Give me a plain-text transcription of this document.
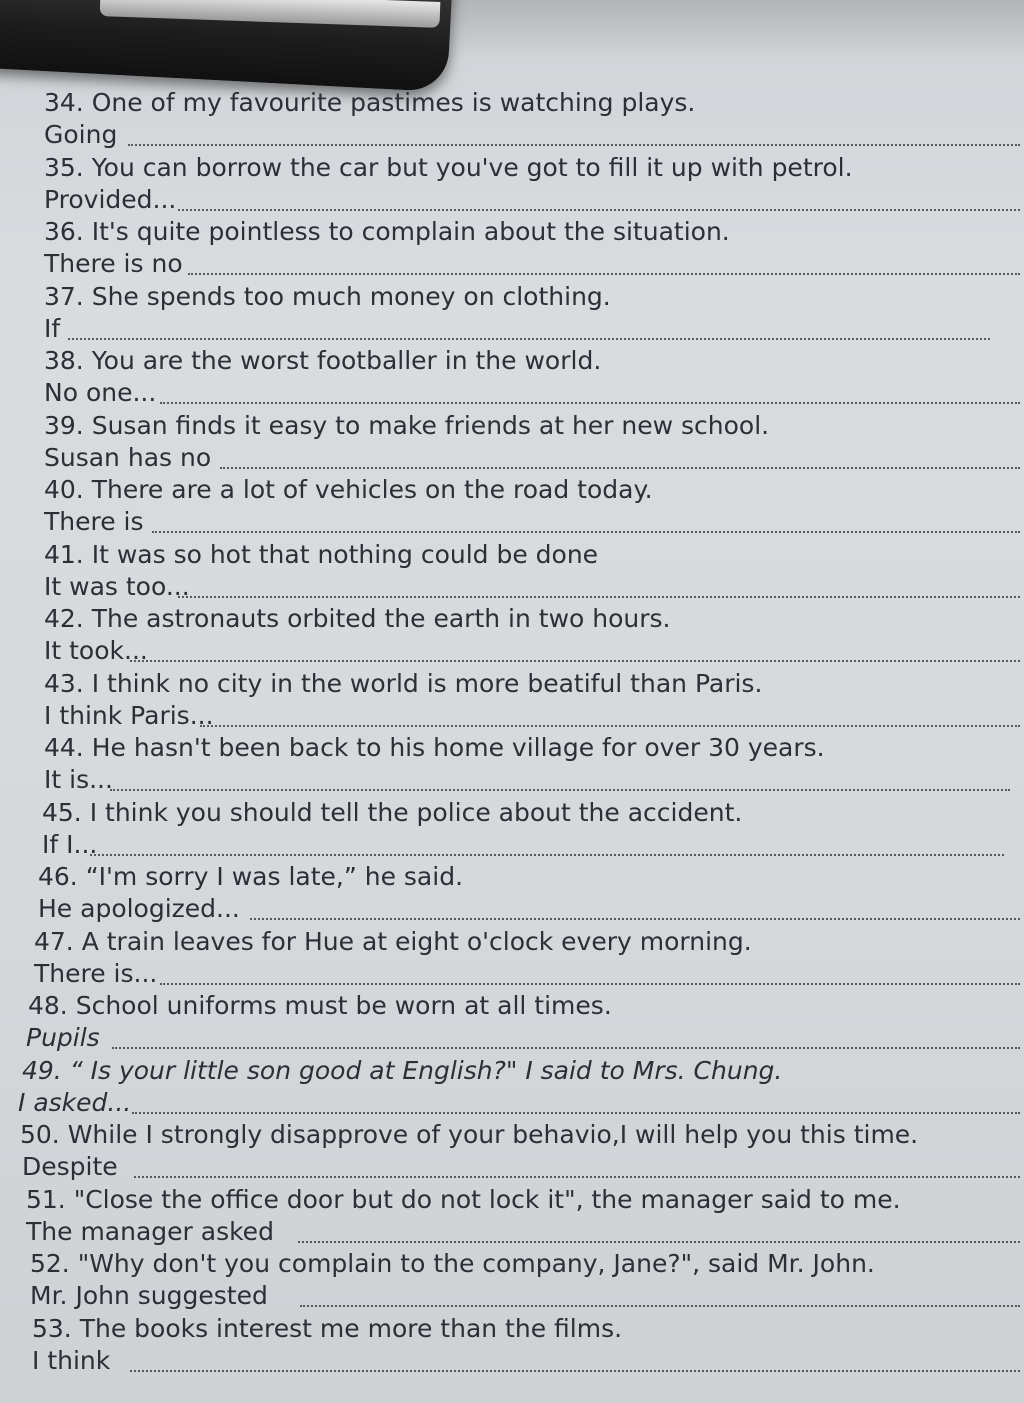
34. One of my favourite pastimes is watching plays.
Going
35. You can borrow the car but you've got to fill it up with petrol.
Provided...
36. It's quite pointless to complain about the situation.
There is no
37. She spends too much money on clothing.
If
38. You are the worst footballer in the world.
No one...
39. Susan finds it easy to make friends at her new school.
Susan has no
40. There are a lot of vehicles on the road today.
There is
41. It was so hot that nothing could be done
It was too...
42. The astronauts orbited the earth in two hours.
It took...
43. I think no city in the world is more beatiful than Paris.
I think Paris...
44. He hasn't been back to his home village for over 30 years.
It is...
45. I think you should tell the police about the accident.
If I...
46. “I'm sorry I was late,” he said.
He apologized...
47. A train leaves for Hue at eight o'clock every morning.
There is...
48. School uniforms must be worn at all times.
Pupils
49. “ Is your little son good at English?" I said to Mrs. Chung.
I asked...
50. While I strongly disapprove of your behavio,I will help you this time.
Despite
51. "Close the office door but do not lock it", the manager said to me.
The manager asked
52. "Why don't you complain to the company, Jane?", said Mr. John.
Mr. John suggested
53. The books interest me more than the films.
I think
